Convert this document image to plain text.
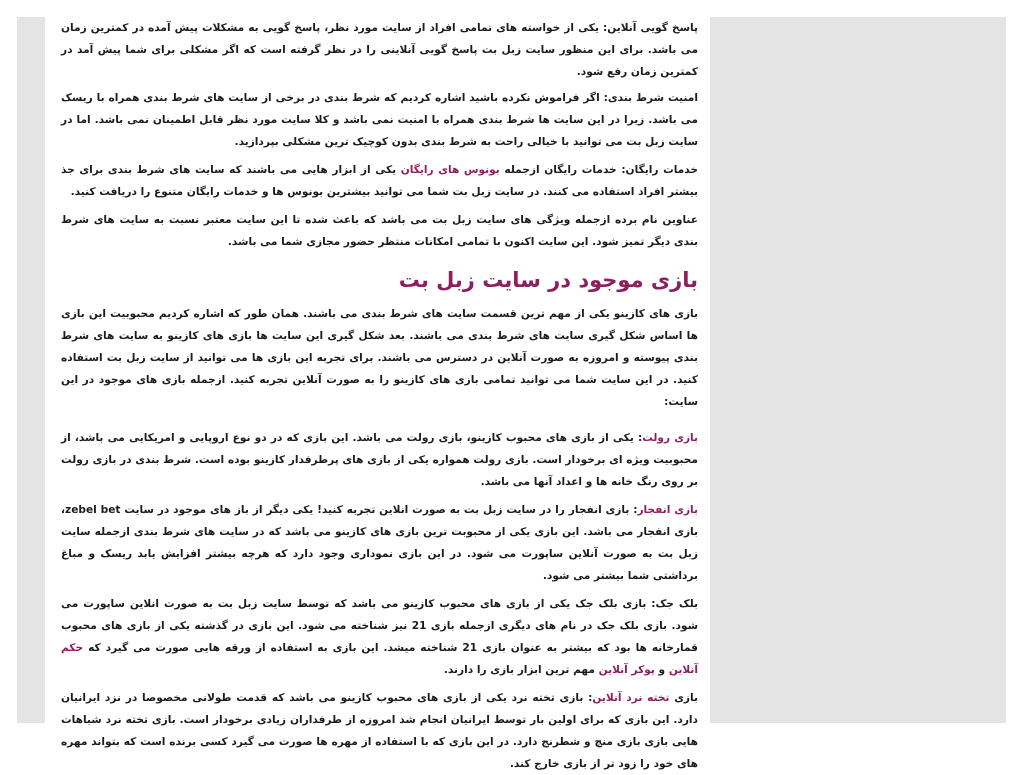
پاسخ گویی آنلاین: یکی از خواسته های تمامی افراد از سایت مورد نظر، پاسخ گویی به مشکلات پیش آمده در کمترین زمان می باشد. برای این منظور سایت زبل بت پاسخ گویی آنلاینی را در نظر گرفته است که اگر مشکلی برای شما پیش آمد در کمترین زمان رفع شود.

امنیت شرط بندی: اگر فراموش نکرده باشید اشاره کردیم که شرط بندی در برخی از سایت های شرط بندی همراه با ریسک می باشد. زیرا در این سایت ها شرط بندی همراه با امنیت نمی باشد و کلا سایت مورد نظر قابل اطمینان نمی باشد. اما در سایت زبل بت می توانید با خیالی راحت به شرط بندی بدون کوچیک ترین مشکلی بپردازید.

خدمات رایگان: خدمات رایگان ازجمله بونوس های رایگان یکی از ابزار هایی می باشند که سایت های شرط بندی برای جذ بیشتر افراد استفاده می کنند. در سایت زبل بت شما می توانید بیشترین بونوس ها و خدمات رایگان متنوع را دریافت کنید.

عناوین نام برده ازجمله ویژگی های سایت زبل بت می باشد که باعث شده تا این سایت معتبر نسبت به سایت های شرط بندی دیگر تمیز شود. این سایت اکنون با تمامی امکانات منتظر حضور مجازی شما می باشد.

بازی موجود در سایت زبل بت

بازی های کازینو یکی از مهم ترین قسمت سایت های شرط بندی می باشند. همان طور که اشاره کردیم محبوبیت این بازی ها اساس شکل گیری سایت های شرط بندی می باشند. بعد شکل گیری این سایت ها بازی های کازینو به سایت های شرط بندی پیوسته و امروزه به صورت آنلاین در دسترس می باشند. برای تجربه این بازی ها می توانید از سایت زبل بت استفاده کنید. در این سایت شما می توانید تمامی بازی های کازینو را به صورت آنلاین تجربه کنید. ازجمله بازی های موجود در این سایت:

بازی رولت: یکی از بازی های محبوب کازینو، بازی رولت می باشد. این بازی که در دو نوع اروپایی و امریکایی می باشد، از محبوبیت ویژه ای برخودار است. بازی رولت همواره یکی از بازی های پرطرفدار کازینو بوده است. شرط بندی در بازی رولت بر روی رنگ خانه ها و اعداد آنها می باشد.

بازی انفجار: بازی انفجار را در سایت زبل بت به صورت انلاین تجربه کنید! یکی دیگر از باز های موجود در سایت zebel bet، بازی انفجار می باشد. این بازی یکی از محبوبت ترین بازی های کازینو می باشد که در سایت های شرط بندی ازجمله سایت زبل بت به صورت آنلاین ساپورت می شود. در این بازی نموداری وجود دارد که هرچه بیشتر افزایش یابد ریسک و مباغ برداشتی شما بیشتر می شود.

بلک جک: بازی بلک جک یکی از بازی های محبوب کازینو می باشد که توسط سایت زبل بت به صورت انلاین ساپورت می شود. بازی بلک جک در نام های دیگری ازجمله بازی 21 نیز شناخته می شود. این بازی در گذشته یکی از بازی های محبوب قمارخانه ها بود که بیشتر به عنوان بازی 21 شناخته میشد. این بازی به استفاده از ورقه هایی صورت می گیرد که حکم آنلاین و پوکر آنلاین مهم ترین ابزار بازی را دارند.

بازی تخته نرد آنلاین: بازی تخته نرد یکی از بازی های محبوب کازینو می باشد که قدمت طولانی مخصوصا در نزد ایرانیان دارد. این بازی که برای اولین بار توسط ایرانیان انجام شد امروزه از طرفداران زیادی برخودار است. بازی تخته نرد شباهات هایی بازی بازی منچ و شطرنج دارد. در این بازی که با استفاده از مهره ها صورت می گیرد کسی برنده است که بتواند مهره های خود را زود تر از بازی خارج کند.
